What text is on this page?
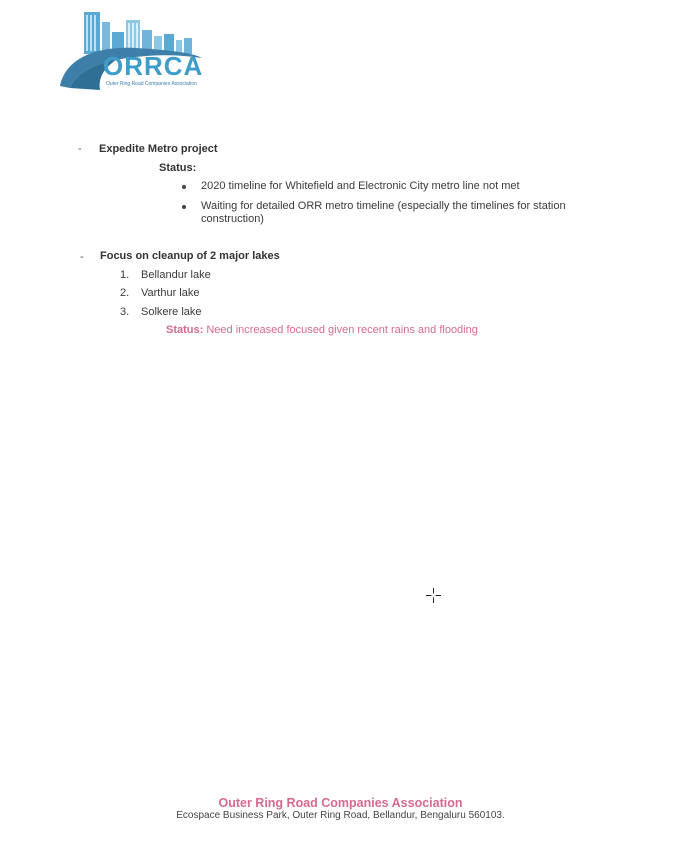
ORRCA
Outer Ring Road Companies Association
- Expedite Metro project
Status:
2020 timeline for Whitefield and Electronic City metro line not met
Waiting for detailed ORR metro timeline (especially the timelines for station
construction)
- Focus on cleanup of 2 major lakes
1. Bellandur lake
2. Varthur lake
3. Solkere lake
Status: Need increased focused given recent rains and flooding
Outer Ring Road Companies Association
Ecospace Business Park, Outer Ring Road, Bellandur, Bengaluru 560103.
